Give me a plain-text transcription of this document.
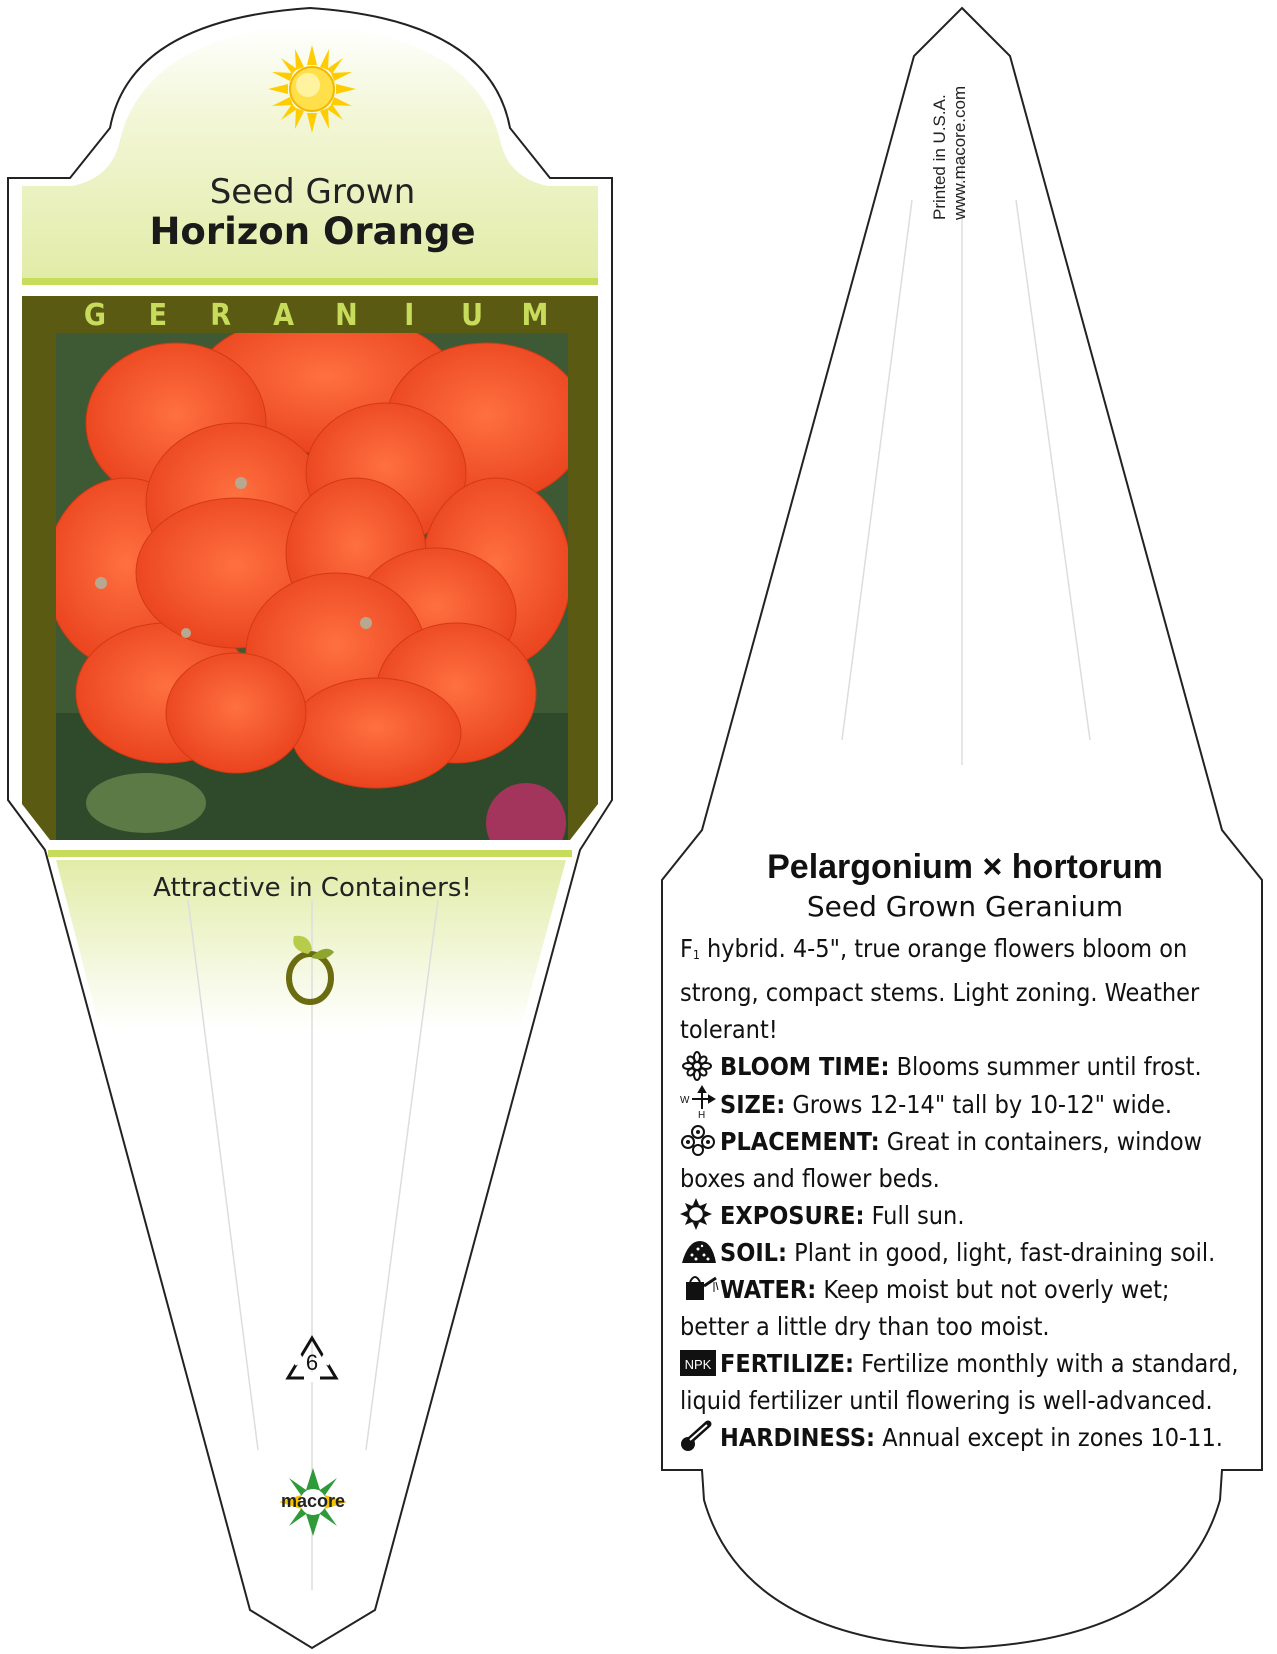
Seed Grown
Horizon Orange
G E R A N	I	U M
Attractive in Containers!
6
macore
Printed in U.S.A. www.macore.com
Pelargonium × hortorum
Seed Grown Geranium

F1 hybrid. 4-5", true orange flowers bloom on strong, compact stems. Light zoning. Weather tolerant!

BLOOM TIME: Blooms summer until frost.

W
H SIZE: Grows 12-14" tall by 10-12" wide.

PLACEMENT: Great in containers, window boxes and flower beds.

EXPOSURE: Full sun.

SOIL: Plant in good, light, fast-draining soil.

WATER: Keep moist but not overly wet; better a little dry than too moist.

NPK FERTILIZE: Fertilize monthly with a standard, liquid fertilizer until flowering is well-advanced.

HARDINESS: Annual except in zones 10-11.
